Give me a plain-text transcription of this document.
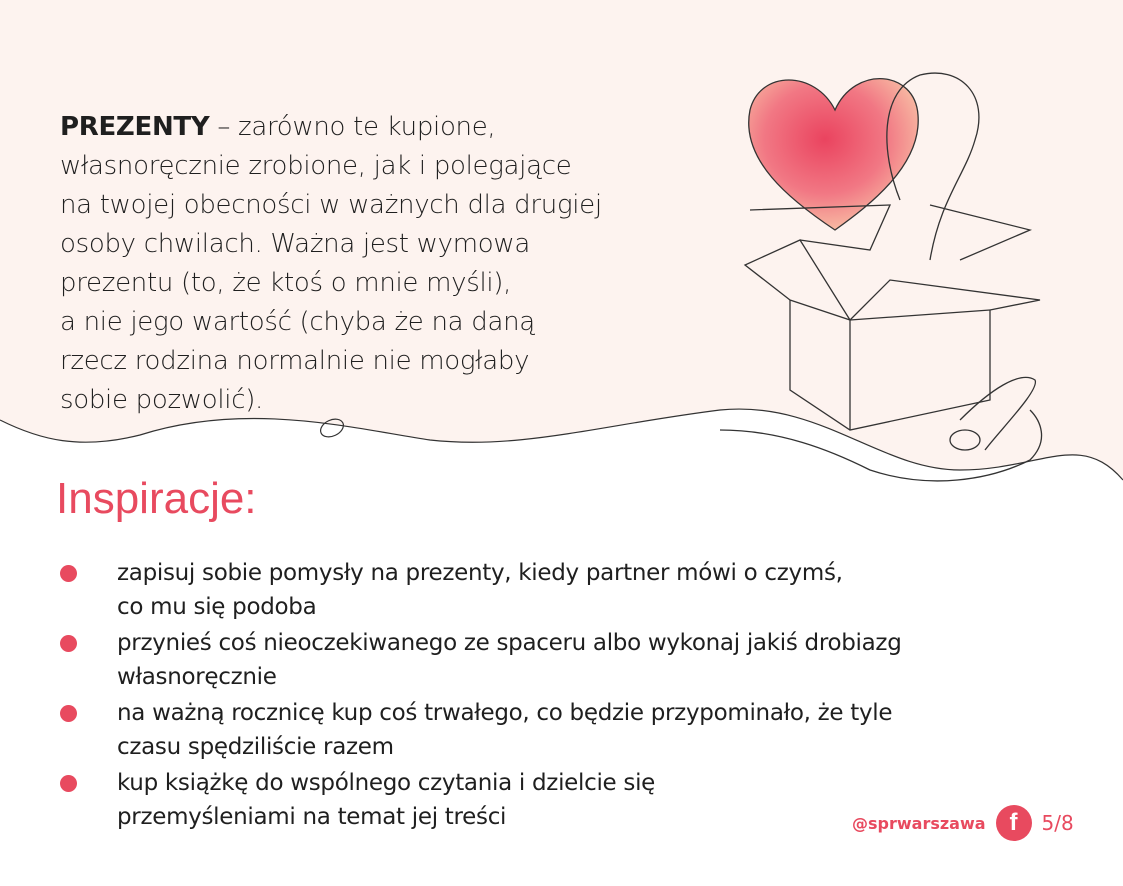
PREZENTY – zarówno te kupione,
własnoręcznie zrobione, jak i polegające
na twojej obecności w ważnych dla drugiej
osoby chwilach. Ważna jest wymowa
prezentu (to, że ktoś o mnie myśli),
a nie jego wartość (chyba że na daną
rzecz rodzina normalnie nie mogłaby
sobie pozwolić).
Inspiracje:
zapisuj sobie pomysły na prezenty, kiedy partner mówi o czymś,
co mu się podoba
przynieś coś nieoczekiwanego ze spaceru albo wykonaj jakiś drobiazg
własnoręcznie
na ważną rocznicę kup coś trwałego, co będzie przypominało, że tyle
czasu spędziliście razem
kup książkę do wspólnego czytania i dzielcie się
przemyśleniami na temat jej treści	@sprwarszawa	f	5/8
